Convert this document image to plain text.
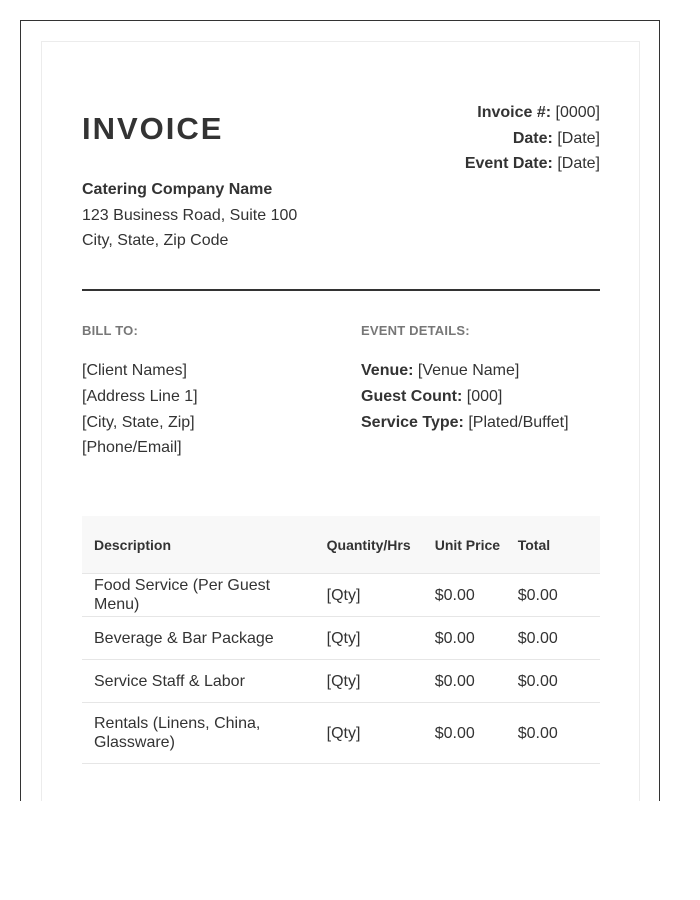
INVOICE	Invoice #: [0000]
Date: [Date]
Event Date: [Date]
Catering Company Name
123 Business Road, Suite 100
City, State, Zip Code
BILL TO:
[Client Names]
[Address Line 1]
[City, State, Zip]
[Phone/Email]
EVENT DETAILS:
Venue: [Venue Name]
Guest Count: [000]
Service Type: [Plated/Buffet]
Description	Quantity/Hrs	Unit Price	Total
Food Service (Per Guest Menu)	[Qty]	$0.00	$0.00
Beverage & Bar Package	[Qty]	$0.00	$0.00
Service Staff & Labor	[Qty]	$0.00	$0.00
Rentals (Linens, China, Glassware)	[Qty]	$0.00	$0.00
